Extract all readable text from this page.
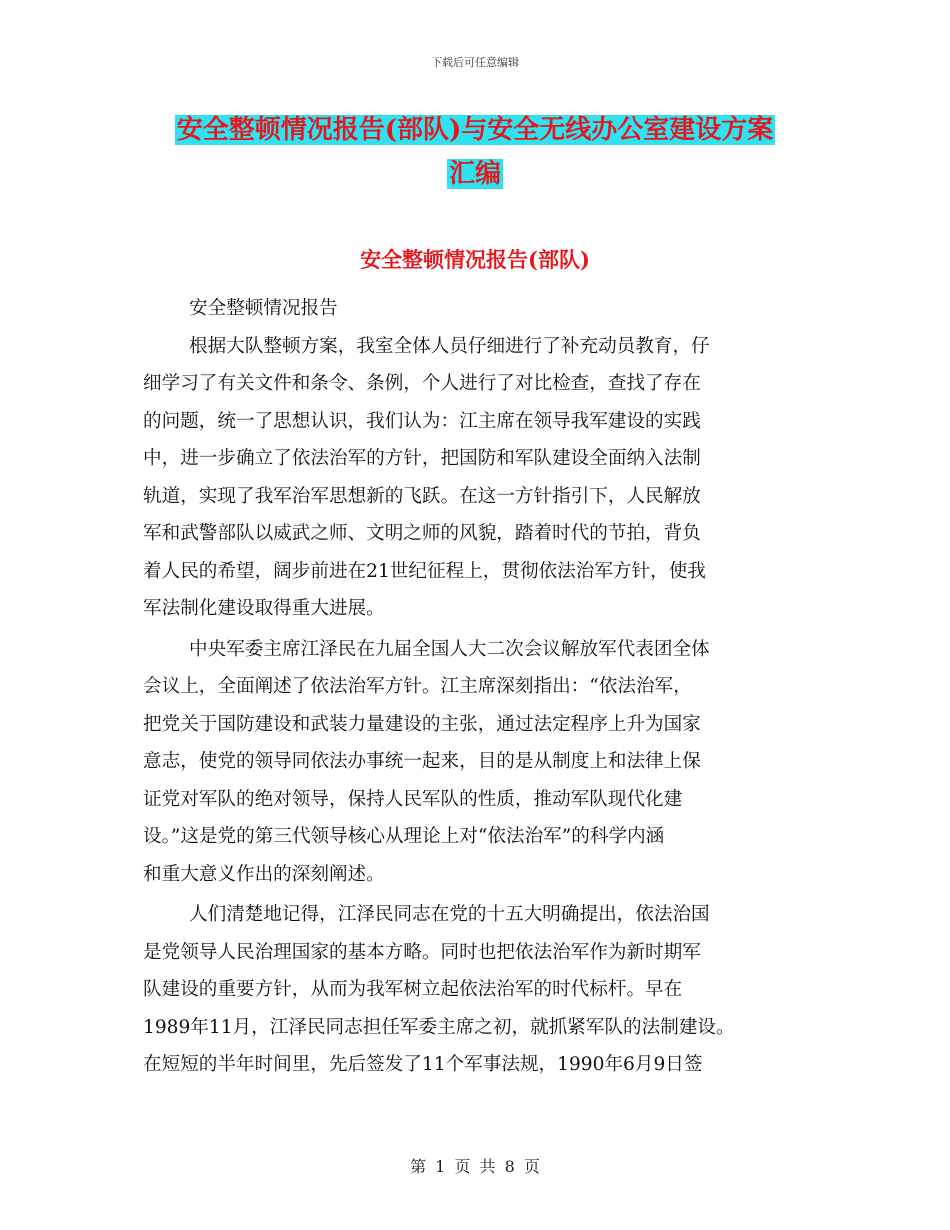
下载后可任意编辑
安全整顿情况报告(部队)与安全无线办公室建设方案
汇编
安全整顿情况报告(部队)
安全整顿情况报告
根据大队整顿方案，我室全体人员仔细进行了补充动员教育，仔
细学习了有关文件和条令、条例，个人进行了对比检查，查找了存在
的问题，统一了思想认识，我们认为：江主席在领导我军建设的实践
中，进一步确立了依法治军的方针，把国防和军队建设全面纳入法制
轨道，实现了我军治军思想新的飞跃。在这一方针指引下，人民解放
军和武警部队以威武之师、文明之师的风貌，踏着时代的节拍，背负
着人民的希望，阔步前进在21世纪征程上，贯彻依法治军方针，使我
军法制化建设取得重大进展。
中央军委主席江泽民在九届全国人大二次会议解放军代表团全体
会议上，全面阐述了依法治军方针。江主席深刻指出：“依法治军，
把党关于国防建设和武装力量建设的主张，通过法定程序上升为国家
意志，使党的领导同依法办事统一起来，目的是从制度上和法律上保
证党对军队的绝对领导，保持人民军队的性质，推动军队现代化建
设。”这是党的第三代领导核心从理论上对“依法治军”的科学内涵
和重大意义作出的深刻阐述。
人们清楚地记得，江泽民同志在党的十五大明确提出，依法治国
是党领导人民治理国家的基本方略。同时也把依法治军作为新时期军
队建设的重要方针，从而为我军树立起依法治军的时代标杆。早在
1989年11月，江泽民同志担任军委主席之初，就抓紧军队的法制建设。
在短短的半年时间里，先后签发了11个军事法规，1990年6月9日签
第 1 页 共 8 页
